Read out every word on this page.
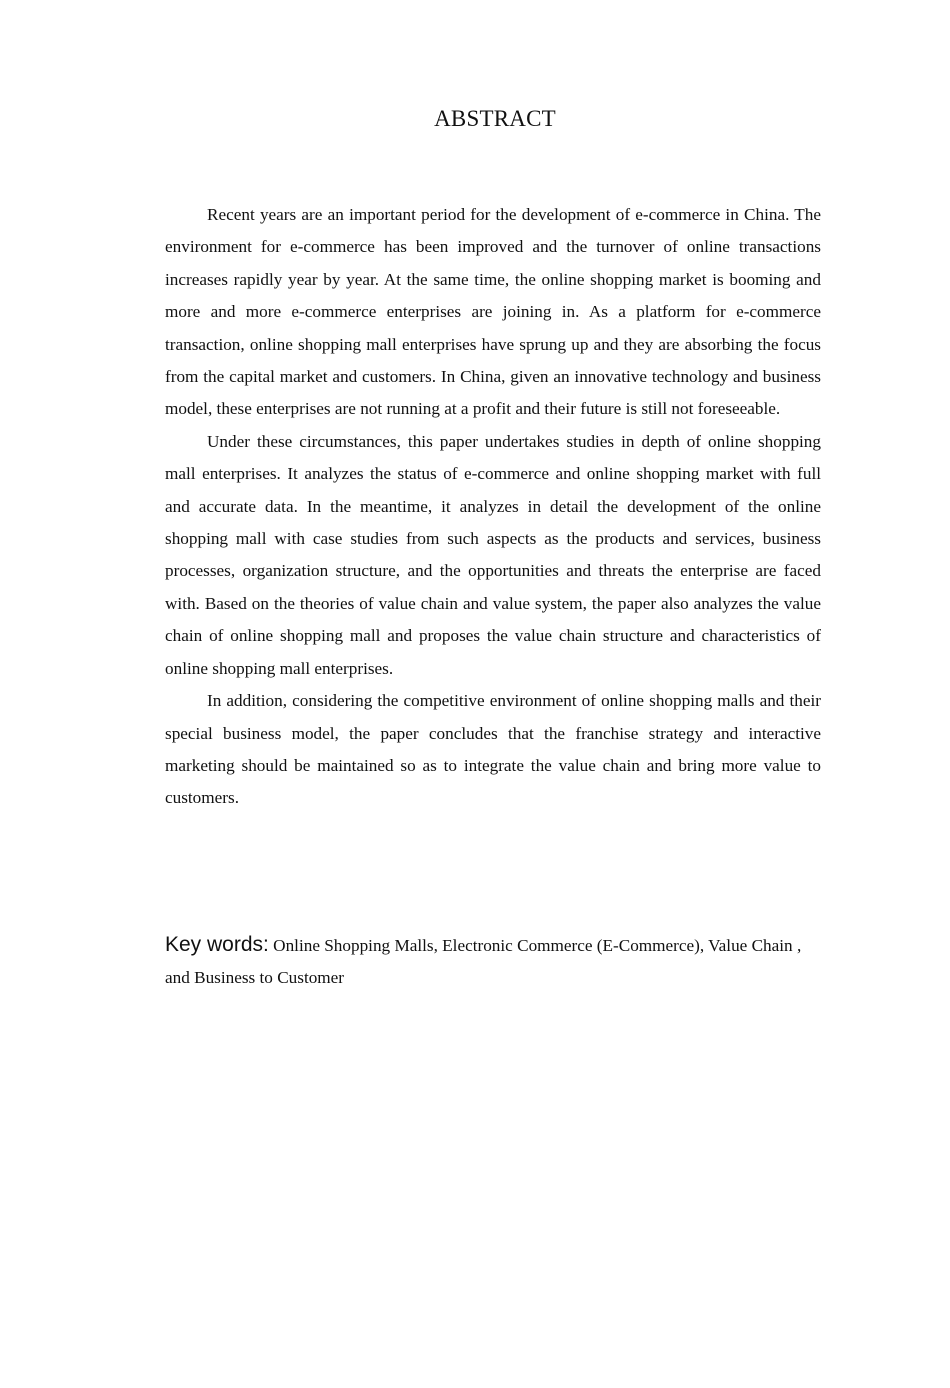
ABSTRACT

Recent years are an important period for the development of e-commerce in China. The environment for e-commerce has been improved and the turnover of online transactions increases rapidly year by year. At the same time, the online shopping market is booming and more and more e-commerce enterprises are joining in. As a platform for e-commerce transaction, online shopping mall enterprises have sprung up and they are absorbing the focus from the capital market and customers. In China, given an innovative technology and business model, these enterprises are not running at a profit and their future is still not foreseeable.

Under these circumstances, this paper undertakes studies in depth of online shopping mall enterprises. It analyzes the status of e-commerce and online shopping market with full and accurate data. In the meantime, it analyzes in detail the development of the online shopping mall with case studies from such aspects as the products and services, business processes, organization structure, and the opportunities and threats the enterprise are faced with. Based on the theories of value chain and value system, the paper also analyzes the value chain of online shopping mall and proposes the value chain structure and characteristics of online shopping mall enterprises.

In addition, considering the competitive environment of online shopping malls and their special business model, the paper concludes that the franchise strategy and interactive marketing should be maintained so as to integrate the value chain and bring more value to customers.

Key words: Online Shopping Malls, Electronic Commerce (E-Commerce), Value Chain , and Business to Customer
